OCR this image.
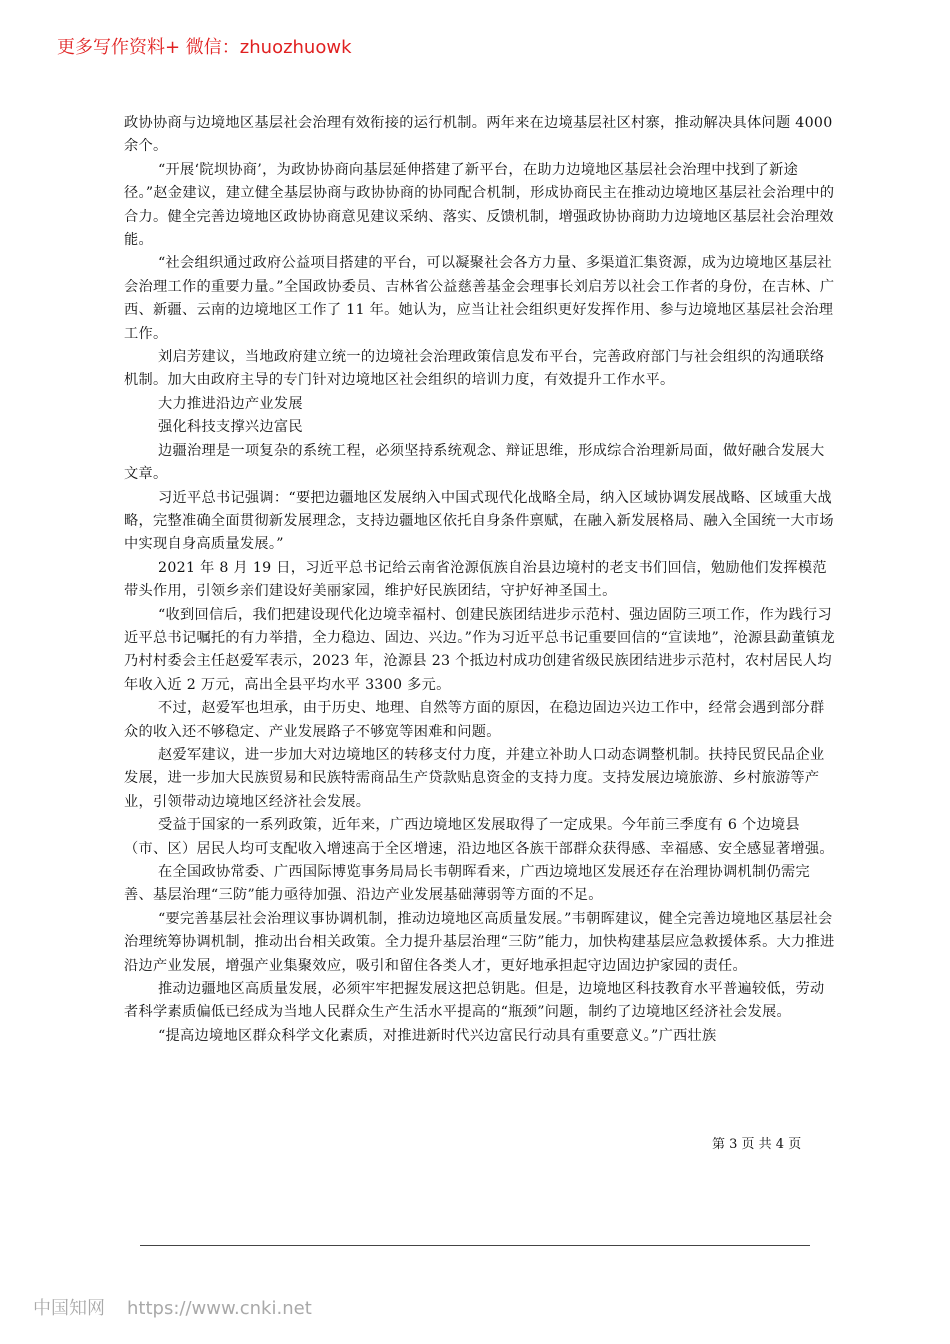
更多写作资料+ 微信：zhuozhuowk

政协协商与边境地区基层社会治理有效衔接的运行机制。两年来在边境基层社区村寨，推动解决具体问题 4000 余个。

“开展‘院坝协商’，为政协协商向基层延伸搭建了新平台，在助力边境地区基层社会治理中找到了新途径。”赵金建议，建立健全基层协商与政协协商的协同配合机制，形成协商民主在推动边境地区基层社会治理中的合力。健全完善边境地区政协协商意见建议采纳、落实、反馈机制，增强政协协商助力边境地区基层社会治理效能。

“社会组织通过政府公益项目搭建的平台，可以凝聚社会各方力量、多渠道汇集资源，成为边境地区基层社会治理工作的重要力量。”全国政协委员、吉林省公益慈善基金会理事长刘启芳以社会工作者的身份，在吉林、广西、新疆、云南的边境地区工作了 11 年。她认为，应当让社会组织更好发挥作用、参与边境地区基层社会治理工作。

刘启芳建议，当地政府建立统一的边境社会治理政策信息发布平台，完善政府部门与社会组织的沟通联络机制。加大由政府主导的专门针对边境地区社会组织的培训力度，有效提升工作水平。

大力推进沿边产业发展

强化科技支撑兴边富民

边疆治理是一项复杂的系统工程，必须坚持系统观念、辩证思维，形成综合治理新局面，做好融合发展大文章。

习近平总书记强调：“要把边疆地区发展纳入中国式现代化战略全局，纳入区域协调发展战略、区域重大战略，完整准确全面贯彻新发展理念，支持边疆地区依托自身条件禀赋，在融入新发展格局、融入全国统一大市场中实现自身高质量发展。”

2021 年 8 月 19 日，习近平总书记给云南省沧源佤族自治县边境村的老支书们回信，勉励他们发挥模范带头作用，引领乡亲们建设好美丽家园，维护好民族团结，守护好神圣国土。

“收到回信后，我们把建设现代化边境幸福村、创建民族团结进步示范村、强边固防三项工作，作为践行习近平总书记嘱托的有力举措，全力稳边、固边、兴边。”作为习近平总书记重要回信的“宣读地”，沧源县勐董镇龙乃村村委会主任赵爱军表示，2023 年，沧源县 23 个抵边村成功创建省级民族团结进步示范村，农村居民人均年收入近 2 万元，高出全县平均水平 3300 多元。

不过，赵爱军也坦承，由于历史、地理、自然等方面的原因，在稳边固边兴边工作中，经常会遇到部分群众的收入还不够稳定、产业发展路子不够宽等困难和问题。

赵爱军建议，进一步加大对边境地区的转移支付力度，并建立补助人口动态调整机制。扶持民贸民品企业发展，进一步加大民族贸易和民族特需商品生产贷款贴息资金的支持力度。支持发展边境旅游、乡村旅游等产业，引领带动边境地区经济社会发展。

受益于国家的一系列政策，近年来，广西边境地区发展取得了一定成果。今年前三季度有 6 个边境县（市、区）居民人均可支配收入增速高于全区增速，沿边地区各族干部群众获得感、幸福感、安全感显著增强。

在全国政协常委、广西国际博览事务局局长韦朝晖看来，广西边境地区发展还存在治理协调机制仍需完善、基层治理“三防”能力亟待加强、沿边产业发展基础薄弱等方面的不足。

“要完善基层社会治理议事协调机制，推动边境地区高质量发展。”韦朝晖建议，健全完善边境地区基层社会治理统筹协调机制，推动出台相关政策。全力提升基层治理“三防”能力，加快构建基层应急救援体系。大力推进沿边产业发展，增强产业集聚效应，吸引和留住各类人才，更好地承担起守边固边护家园的责任。

推动边疆地区高质量发展，必须牢牢把握发展这把总钥匙。但是，边境地区科技教育水平普遍较低，劳动者科学素质偏低已经成为当地人民群众生产生活水平提高的“瓶颈”问题，制约了边境地区经济社会发展。

“提高边境地区群众科学文化素质，对推进新时代兴边富民行动具有重要意义。”广西壮族

第 3 页 共 4 页
中国知网 https://www.cnki.net
